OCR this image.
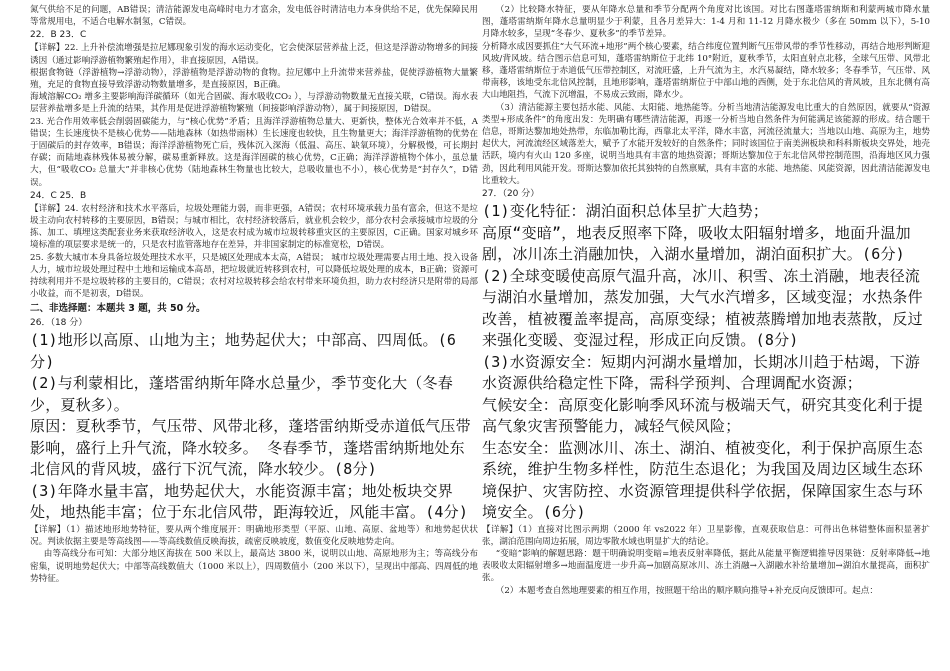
氮气供给不足的问题，AB错误；清洁能源发电高峰时电力才富余，发电低谷时清洁电力本身供给不足，优先保障民用等常规用电，不适合电解水制氢，C错误。

22．B 23．C

【详解】22. 上升补偿流增强是拉尼娜现象引发的海水运动变化，它会使深层营养盐上泛，但这是浮游动物增多的间接诱因（通过影响浮游植物繁殖起作用），非直接原因，A错误。

根据食物链（浮游植物→浮游动物），浮游植物是浮游动物的食物。拉尼娜中上升流带来营养盐，促使浮游植物大量繁殖，充足的食物直接导致浮游动物数量增多，是直接原因，B正确。

海域溶解CO₂ 增多主要影响海洋碳循环（如光合固碳、海水吸收CO₂ ），与浮游动物数量无直接关联，C错误。海水表层营养盐增多是上升流的结果，其作用是促进浮游植物繁殖（间接影响浮游动物），属于间接原因，D错误。

23. 光合作用效率低会削弱固碳能力，与“核心优势”矛盾；且海洋浮游植物总量大、更新快，整体光合效率并不低，A错误；生长速度快不是核心优势——陆地森林（如热带雨林）生长速度也较快，且生物量更大；海洋浮游植物的优势在于固碳后的封存效率，B错误；海洋浮游植物死亡后，残体沉入深海（低温、高压、缺氧环境），分解极慢，可长期封存碳；而陆地森林残体易被分解，碳易重新释放。这是海洋固碳的核心优势，C正确；海洋浮游植物个体小，虽总量大，但“吸收CO₂ 总量大”并非核心优势（陆地森林生物量也比较大，总吸收量也不小），核心优势是“封存久”，D错误。

24．C 25．B

【详解】24. 农村经济和技术水平落后，垃圾处理能力弱，而非更强，A错误；农村环境承载力虽有富余，但这不是垃圾主动向农村转移的主要原因，B错误；与城市相比，农村经济较落后，就业机会较少，部分农村会承接城市垃圾的分拣、加工、填埋这类配套业务来获取经济收入，这是农村成为城市垃圾转移重灾区的主要原因，C正确。国家对城乡环境标准的项层要求是统一的，只是农村监管落地存在差异，并非国家制定的标准宽松，D错误。

25. 多数大城市本身具备垃圾处理技术水平，只是城区处理成本太高，A错误； 城市垃圾处理需要占用土地、投入设备人力，城市垃圾处理过程中土地和运输成本高昂，把垃圾就近转移到农村，可以降低垃圾处理的成本，B正确；资源可持续利用并不是垃圾转移的主要目的，C错误；农村对垃圾转移会给农村带来环境负担，助力农村经济只是附带的局部小收益，而不是初衷，D错误。

二、非选择题：本题共 3 题，共 50 分。

26．（18 分）

(1)地形以高原、山地为主；地势起伏大；中部高、四周低。(6分)

(2)与利蒙相比，蓬塔雷纳斯年降水总量少，季节变化大（冬春少，夏秋多）。

原因：夏秋季节，气压带、风带北移，蓬塔雷纳斯受赤道低气压带影响，盛行上升气流，降水较多。 冬春季节，蓬塔雷纳斯地处东北信风的背风坡，盛行下沉气流，降水较少。(8分)

(3)年降水量丰富，地势起伏大，水能资源丰富；地处板块交界处，地热能丰富；位于东北信风带，距海较近，风能丰富。(4分)

【详解】（1）描述地形地势特征，要从两个维度展开：明确地形类型（平原、山地、高原、盆地等）和地势起伏状况。判读依据主要是等高线图——等高线数值反映海拔，疏密反映坡度，数值变化反映地势走向。

由等高线分布可知：大部分地区海拔在 500 米以上，最高达 3800 米，说明以山地、高原地形为主；等高线分布密集，说明地势起伏大；中部等高线数值大（1000 米以上），四周数值小（200 米以下），呈现出中部高、四周低的地势特征。

（2）比较降水特征，要从年降水总量和季节分配两个角度对比该国。对比右图蓬塔雷纳斯和利蒙两城市降水量图，蓬塔雷纳斯年降水总量明显少于利蒙，且各月差异大：1-4 月和 11-12 月降水极少（多在 50mm 以下），5-10 月降水较多，呈现“冬春少、夏秋多”的季节差异。

分析降水成因要抓住“大气环流+地形”两个核心要素，结合纬度位置判断气压带风带的季节性移动，再结合地形判断迎风坡/背风坡。结合图示信息可知，蓬塔雷纳斯位于北纬 10°附近，夏秋季节，太阳直射点北移，全球气压带、风带北移，蓬塔雷纳斯位于赤道低气压带控制区，对流旺盛，上升气流为主，水汽易凝结，降水较多；冬春季节，气压带、风带南移，该地受东北信风控制，且地形影响，蓬塔雷纳斯位于中部山地的西侧，处于东北信风的背风坡，且东北侧有高大山地阻挡，气流下沉增温，不易成云致雨，降水少。

（3）清洁能源主要包括水能、风能、太阳能、地热能等。分析当地清洁能源发电比重大的自然原因，就要从“资源类型+形成条件”的角度出发：先明确有哪些清洁能源，再逐一分析当地自然条件为何能满足该能源的形成。结合题干信息，哥斯达黎加地处热带，东临加勒比海，西靠北太平洋，降水丰富，河流径流量大；当地以山地、高原为主，地势起伏大，河流流经区域落差大，赋予了水能开发较好的自然条件；同时该国位于南美洲板块和科科斯板块交界处，地壳活跃，境内有火山 120 多座，说明当地具有丰富的地热资源；哥斯达黎加位于东北信风带控制范围，沿海地区风力强劲，因此利用风能开发。哥斯达黎加依托其独特的自然禀赋，具有丰富的水能、地热能、风能资源，因此清洁能源发电比重较大。

27．（20 分）

(1)变化特征：湖泊面积总体呈扩大趋势；

高原“变暗”，地表反照率下降，吸收太阳辐射增多，地面升温加剧，冰川冻土消融加快，入湖水量增加，湖泊面积扩大。(6分)

(2)全球变暖使高原气温升高，冰川、积雪、冻土消融，地表径流与湖泊水量增加，蒸发加强，大气水汽增多，区域变湿；水热条件改善，植被覆盖率提高，高原变绿；植被蒸腾增加地表蒸散，反过来强化变暖、变湿过程，形成正向反馈。(8分)

(3)水资源安全：短期内河湖水量增加，长期冰川趋于枯竭，下游水资源供给稳定性下降，需科学预判、合理调配水资源；

气候安全：高原变化影响季风环流与极端天气，研究其变化利于提高气象灾害预警能力，减轻气候风险；

生态安全：监测冰川、冻土、湖泊、植被变化，利于保护高原生态系统，维护生物多样性，防范生态退化；为我国及周边区域生态环境保护、灾害防控、水资源管理提供科学依据，保障国家生态与环境安全。(6分)

【详解】（1）直接对比图示两期（2000 年 vs2022 年）卫星影像，直观获取信息：可得出色林错整体面积显著扩张，湖泊范围向周边拓展，周边零散水域也明显扩大的结论。

“变暗”影响的解题思路：题干明确说明变暗=地表反射率降低，据此从能量平衡逻辑推导因果链：反射率降低→地表吸收太阳辐射增多→地面温度进一步升高→加剧高原冰川、冻土消融→入湖融水补给量增加→湖泊水量提高，面积扩张。

（2）本题考查自然地理要素的相互作用，按照题干给出的顺序顺向推导+补充反向反馈即可。起点：
